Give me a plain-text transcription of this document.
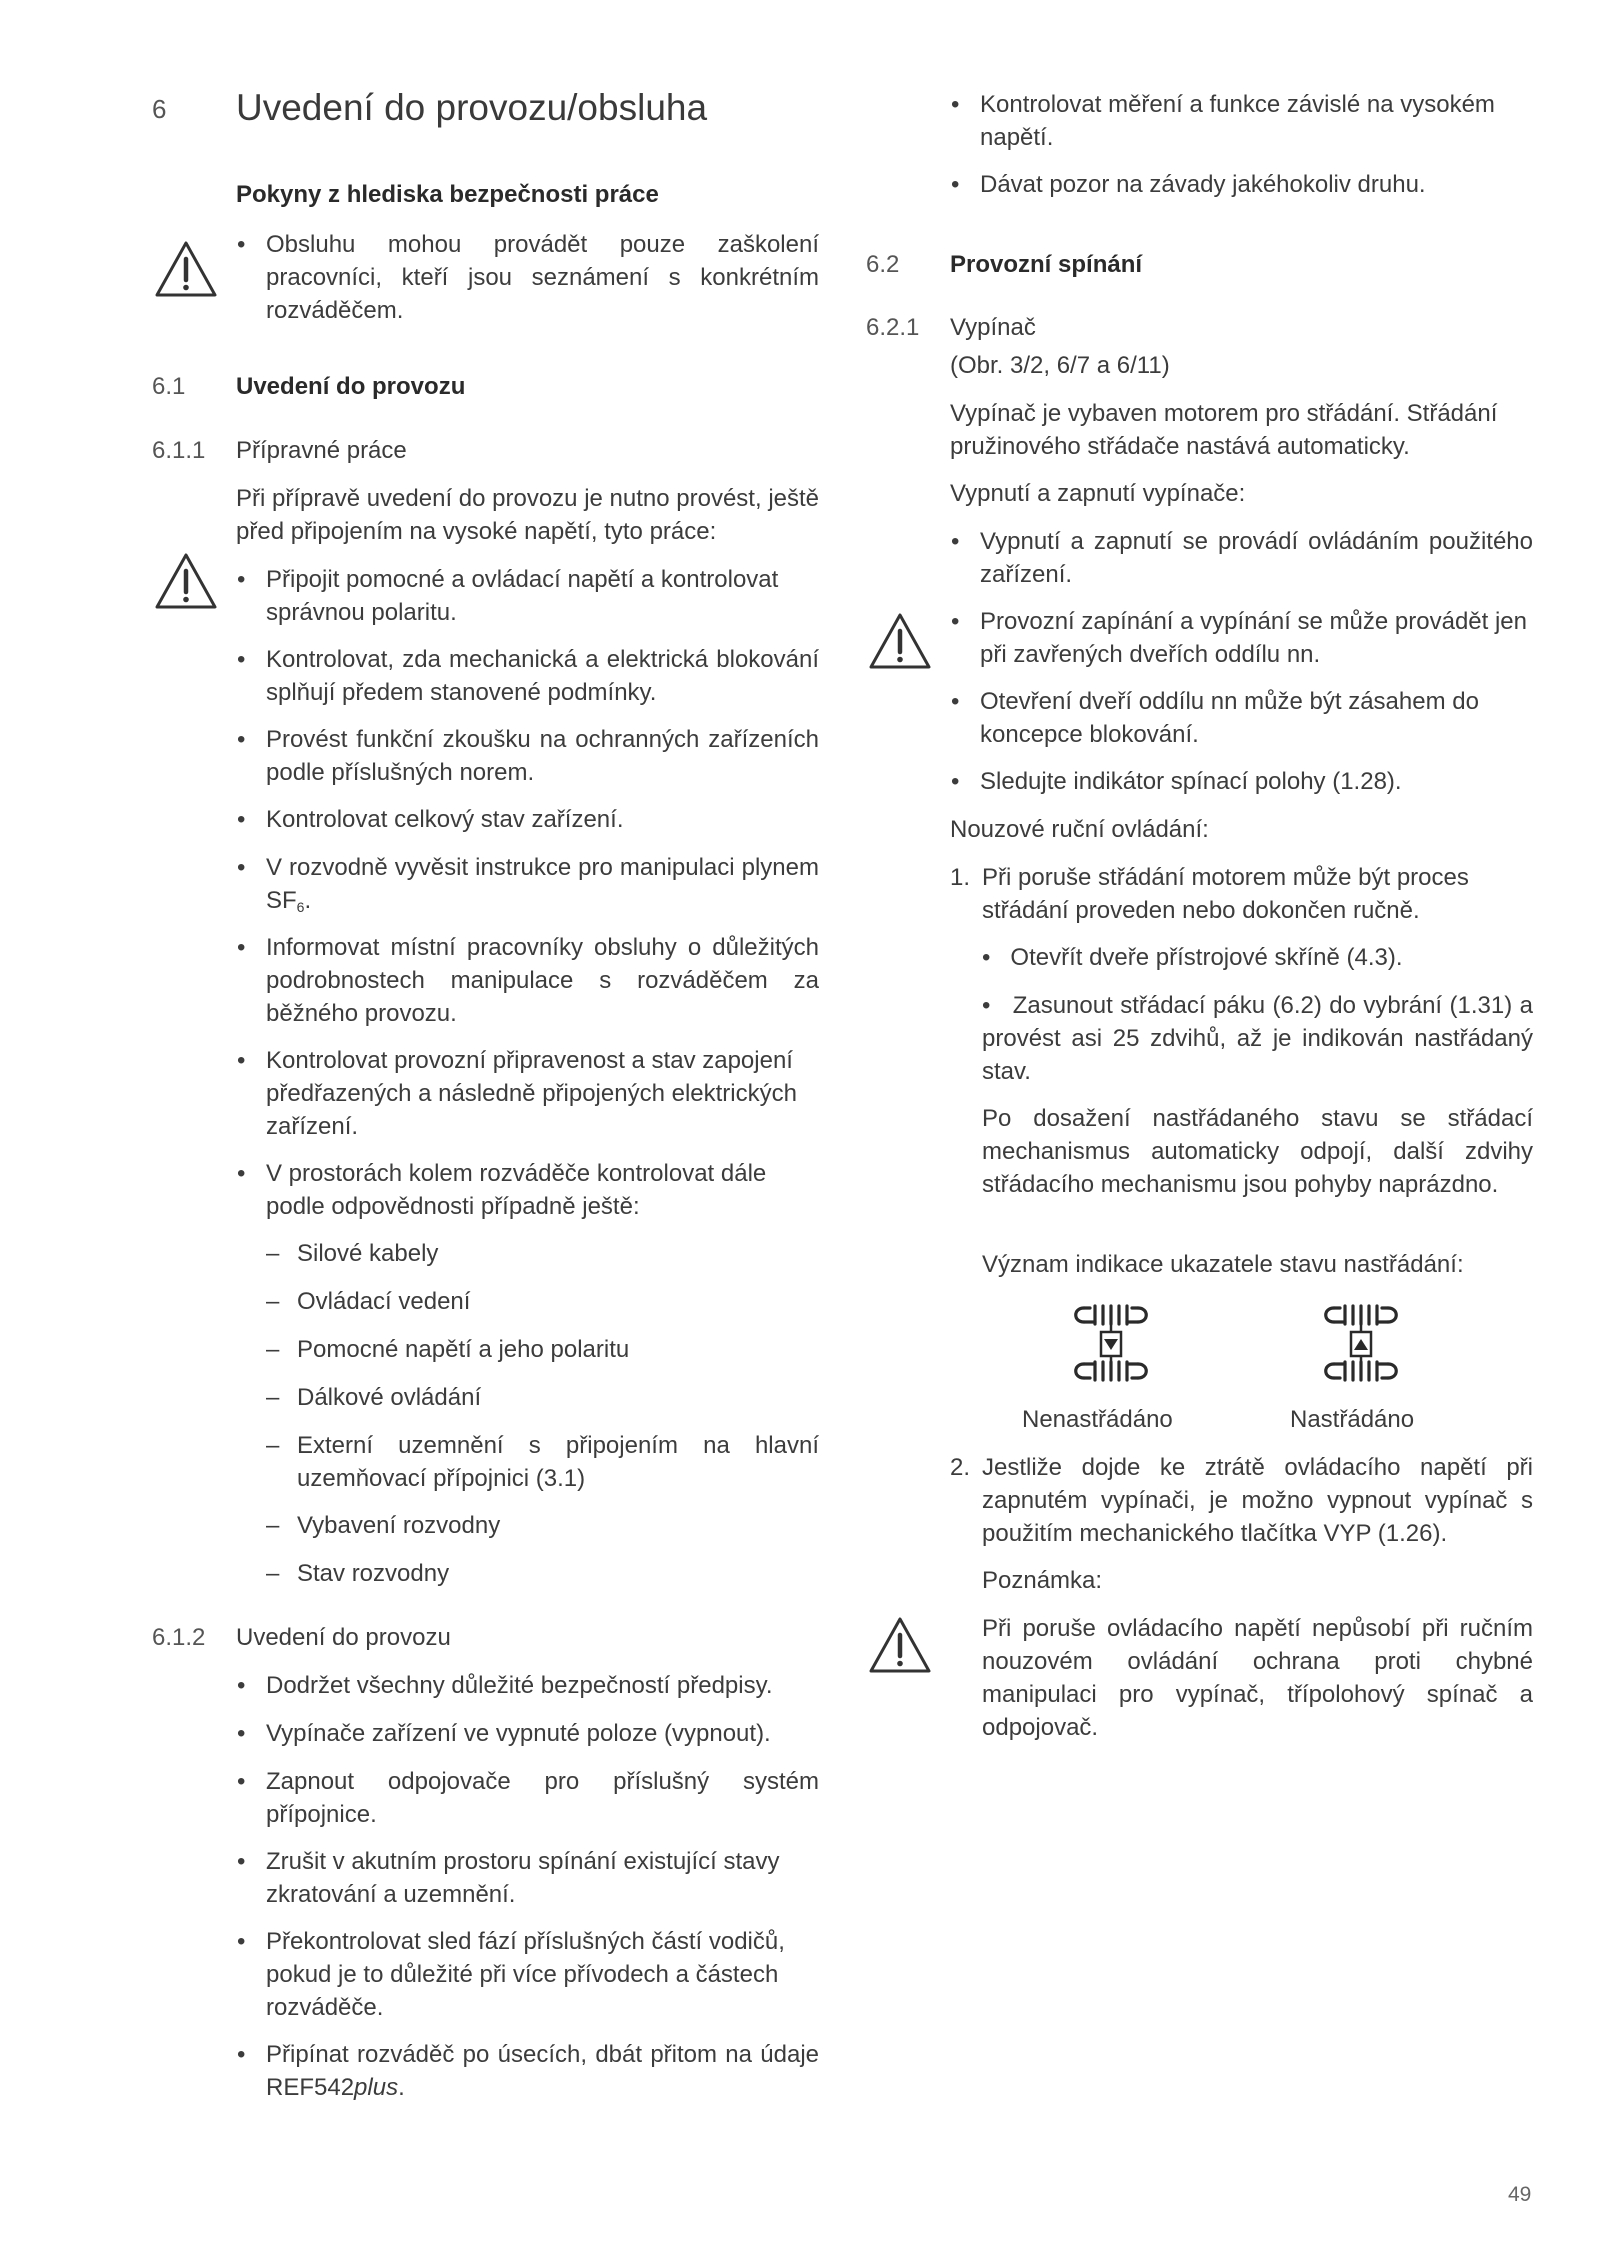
6 Uvedení do provozu/obsluha
Pokyny z hlediska bezpečnosti práce
• Obsluhu mohou provádět pouze zaškolení pracovníci, kteří jsou seznámení s konkrétním rozváděčem.
6.1 Uvedení do provozu
6.1.1 Přípravné práce
Při přípravě uvedení do provozu je nutno provést, ještě před připojením na vysoké napětí, tyto práce:
• Připojit pomocné a ovládací napětí a kontrolovat správnou polaritu.
• Kontrolovat, zda mechanická a elektrická blokování splňují předem stanovené podmínky.
• Provést funkční zkoušku na ochranných zařízeních podle příslušných norem.
• Kontrolovat celkový stav zařízení.
• V rozvodně vyvěsit instrukce pro manipulaci plynem $SF_6$.
• Informovat místní pracovníky obsluhy o důležitých podrobnostech manipulace s rozváděčem za běžného provozu.
• Kontrolovat provozní připravenost a stav zapojení předřazených a následně připojených elektrických zařízení.
• V prostorách kolem rozváděče kontrolovat dále podle odpovědnosti případně ještě:
– Silové kabely
– Ovládací vedení
– Pomocné napětí a jeho polaritu
– Dálkové ovládání
– Externí uzemnění s připojením na hlavní uzemňovací přípojnici (3.1)
– Vybavení rozvodny
– Stav rozvodny
6.1.2 Uvedení do provozu
• Dodržet všechny důležité bezpečností předpisy.
• Vypínače zařízení ve vypnuté poloze (vypnout).
• Zapnout odpojovače pro příslušný systém přípojnice.
• Zrušit v akutním prostoru spínání existující stavy zkratování a uzemnění.
• Překontrolovat sled fází příslušných částí vodičů, pokud je to důležité při více přívodech a částech rozváděče.
• Připínat rozváděč po úsecích, dbát přitom na údaje REF542plus.
• Kontrolovat měření a funkce závislé na vysokém napětí.
• Dávat pozor na závady jakéhokoliv druhu.
6.2 Provozní spínání
6.2.1 Vypínač
(Obr. 3/2, 6/7 a 6/11)
Vypínač je vybaven motorem pro střádání. Střádání pružinového střádače nastává automaticky.
Vypnutí a zapnutí vypínače:
• Vypnutí a zapnutí se provádí ovládáním použitého zařízení.
• Provozní zapínání a vypínání se může provádět jen při zavřených dveřích oddílu nn.
• Otevření dveří oddílu nn může být zásahem do koncepce blokování.
• Sledujte indikátor spínací polohy (1.28).
Nouzové ruční ovládání:
1. Při poruše střádání motorem může být proces střádání proveden nebo dokončen ručně.
•   Otevřít dveře přístrojové skříně (4.3).
•   Zasunout střádací páku (6.2) do vybrání (1.31) a provést asi 25 zdvihů, až je indikován nastřádaný stav.
Po dosažení nastřádaného stavu se střádací mechanismus automaticky odpojí, další zdvihy střádacího mechanismu jsou pohyby naprázdno.
Význam indikace ukazatele stavu nastřádání:
Nenastřádáno	Nastřádáno
2. Jestliže dojde ke ztrátě ovládacího napětí při zapnutém vypínači, je možno vypnout vypínač s použitím mechanického tlačítka VYP (1.26).
Poznámka:
Při poruše ovládacího napětí nepůsobí při ručním nouzovém ovládání ochrana proti chybné manipulaci pro vypínač, třípolohový spínač a odpojovač.
49
